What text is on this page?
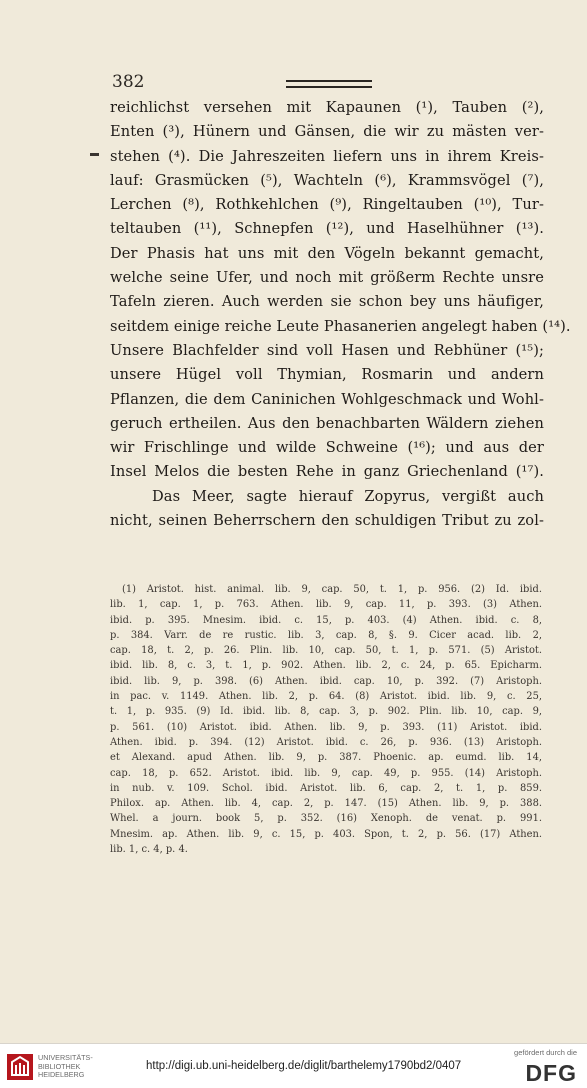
382
reichlichst versehen mit Kapaunen (¹), Tauben (²),
Enten (³), Hünern und Gänsen, die wir zu mästen ver-
stehen (⁴). Die Jahreszeiten liefern uns in ihrem Kreis-
lauf: Grasmücken (⁵), Wachteln (⁶), Krammsvögel (⁷),
Lerchen (⁸), Rothkehlchen (⁹), Ringeltauben (¹⁰), Tur-
teltauben (¹¹), Schnepfen (¹²), und Haselhühner (¹³).
Der Phasis hat uns mit den Vögeln bekannt gemacht,
welche seine Ufer, und noch mit größerm Rechte unsre
Tafeln zieren. Auch werden sie schon bey uns häufiger,
seitdem einige reiche Leute Phasanerien angelegt haben (¹⁴).
Unsere Blachfelder sind voll Hasen und Rebhüner (¹⁵);
unsere Hügel voll Thymian, Rosmarin und andern
Pflanzen, die dem Caninichen Wohlgeschmack und Wohl-
geruch ertheilen. Aus den benachbarten Wäldern ziehen
wir Frischlinge und wilde Schweine (¹⁶); und aus der
Insel Melos die besten Rehe in ganz Griechenland (¹⁷).
Das Meer, sagte hierauf Zopyrus, vergißt auch
nicht, seinen Beherrschern den schuldigen Tribut zu zol-
(1) Aristot. hist. animal. lib. 9, cap. 50, t. 1, p. 956. (2) Id. ibid.
lib. 1, cap. 1, p. 763. Athen. lib. 9, cap. 11, p. 393. (3) Athen.
ibid. p. 395. Mnesim. ibid. c. 15, p. 403. (4) Athen. ibid. c. 8,
p. 384. Varr. de re rustic. lib. 3, cap. 8, §. 9. Cicer acad. lib. 2,
cap. 18, t. 2, p. 26. Plin. lib. 10, cap. 50, t. 1, p. 571. (5) Aristot.
ibid. lib. 8, c. 3, t. 1, p. 902. Athen. lib. 2, c. 24, p. 65. Epicharm.
ibid. lib. 9, p. 398. (6) Athen. ibid. cap. 10, p. 392. (7) Aristoph.
in pac. v. 1149. Athen. lib. 2, p. 64. (8) Aristot. ibid. lib. 9, c. 25,
t. 1, p. 935. (9) Id. ibid. lib. 8, cap. 3, p. 902. Plin. lib. 10, cap. 9,
p. 561. (10) Aristot. ibid. Athen. lib. 9, p. 393. (11) Aristot. ibid.
Athen. ibid. p. 394. (12) Aristot. ibid. c. 26, p. 936. (13) Aristoph.
et Alexand. apud Athen. lib. 9, p. 387. Phoenic. ap. eumd. lib. 14,
cap. 18, p. 652. Aristot. ibid. lib. 9, cap. 49, p. 955. (14) Aristoph.
in nub. v. 109. Schol. ibid. Aristot. lib. 6, cap. 2, t. 1, p. 859.
Philox. ap. Athen. lib. 4, cap. 2, p. 147. (15) Athen. lib. 9, p. 388.
Whel. a journ. book 5, p. 352. (16) Xenoph. de venat. p. 991.
Mnesim. ap. Athen. lib. 9, c. 15, p. 403. Spon, t. 2, p. 56. (17) Athen.
lib. 1, c. 4, p. 4.
UNIVERSITÄTS-
BIBLIOTHEK
HEIDELBERG
http://digi.ub.uni-heidelberg.de/diglit/barthelemy1790bd2/0407
gefördert durch die
DFG
